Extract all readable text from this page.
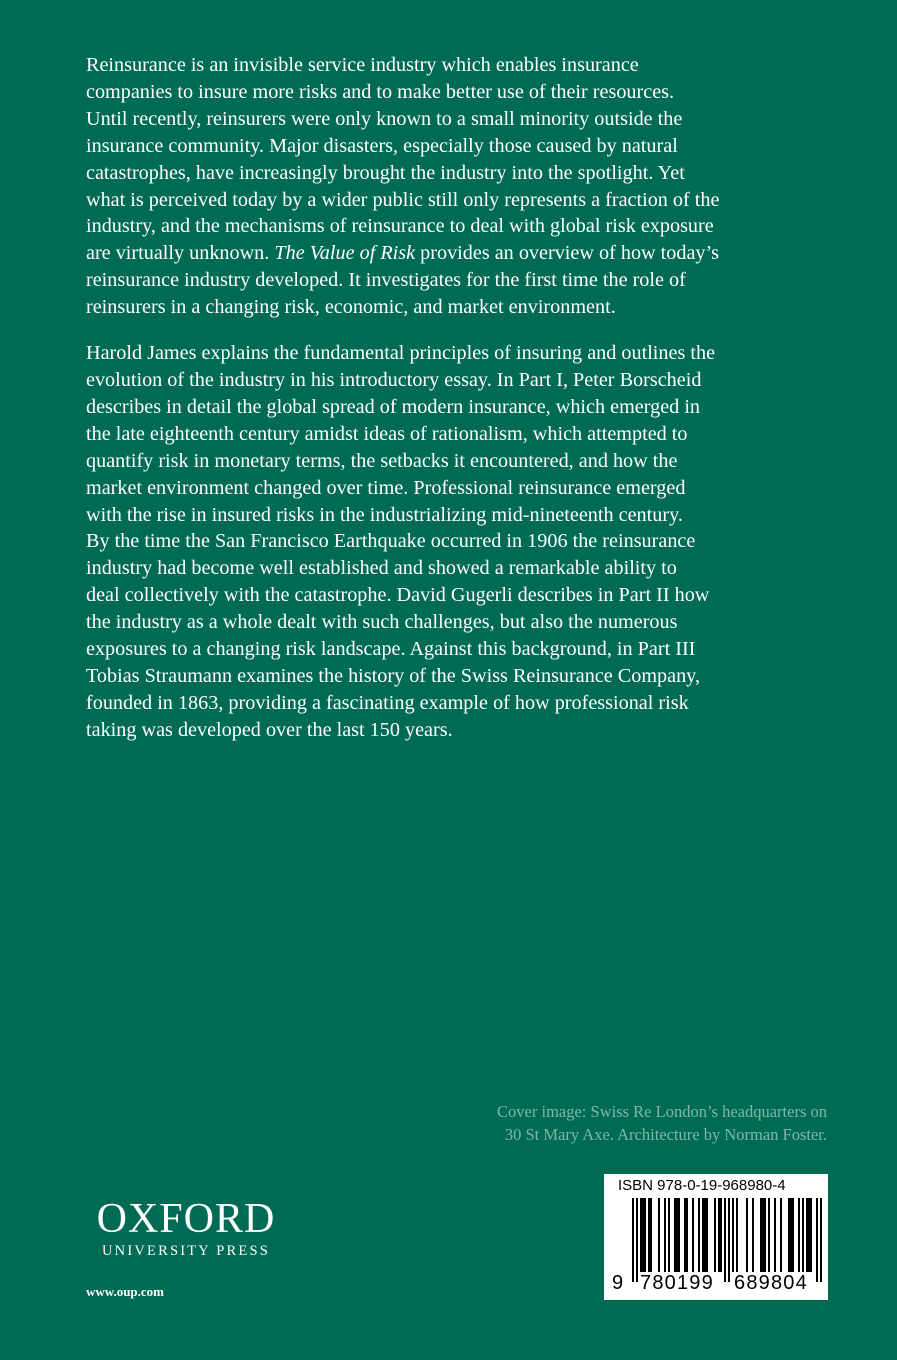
Reinsurance is an invisible service industry which enables insurance

companies to insure more risks and to make better use of their resources.

Until recently, reinsurers were only known to a small minority outside the

insurance community. Major disasters, especially those caused by natural

catastrophes, have increasingly brought the industry into the spotlight. Yet

what is perceived today by a wider public still only represents a fraction of the

industry, and the mechanisms of reinsurance to deal with global risk exposure

are virtually unknown. The Value of Risk provides an overview of how today’s

reinsurance industry developed. It investigates for the first time the role of

reinsurers in a changing risk, economic, and market environment.

Harold James explains the fundamental principles of insuring and outlines the

evolution of the industry in his introductory essay. In Part I, Peter Borscheid

describes in detail the global spread of modern insurance, which emerged in

the late eighteenth century amidst ideas of rationalism, which attempted to

quantify risk in monetary terms, the setbacks it encountered, and how the

market environment changed over time. Professional reinsurance emerged

with the rise in insured risks in the industrializing mid-nineteenth century.

By the time the San Francisco Earthquake occurred in 1906 the reinsurance

industry had become well established and showed a remarkable ability to

deal collectively with the catastrophe. David Gugerli describes in Part II how

the industry as a whole dealt with such challenges, but also the numerous

exposures to a changing risk landscape. Against this background, in Part III

Tobias Straumann examines the history of the Swiss Reinsurance Company,

founded in 1863, providing a fascinating example of how professional risk

taking was developed over the last 150 years.

Cover image: Swiss Re London’s headquarters on
30 St Mary Axe. Architecture by Norman Foster.
OXFORD
UNIVERSITY PRESS
www.oup.com
ISBN 978-0-19-968980-4
9 780199 689804
